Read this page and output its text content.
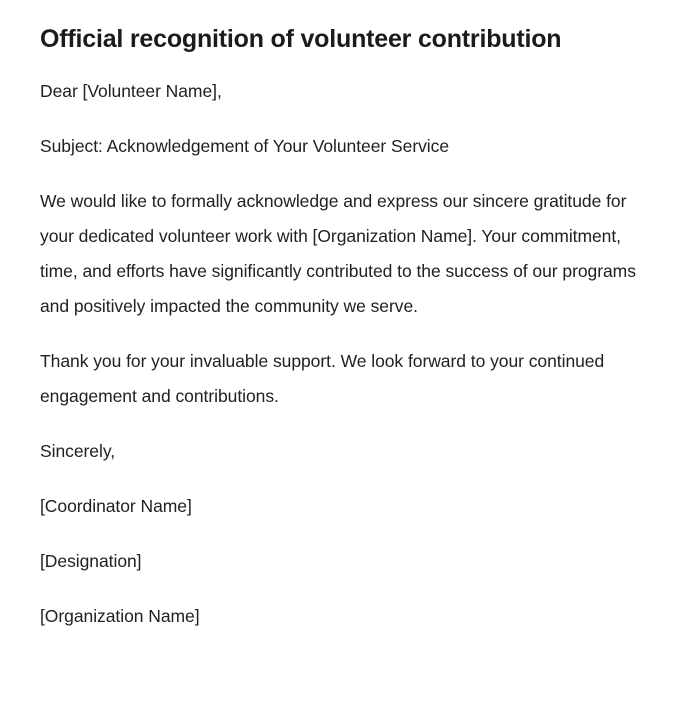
Official recognition of volunteer contribution

Dear [Volunteer Name],

Subject: Acknowledgement of Your Volunteer Service

We would like to formally acknowledge and express our sincere gratitude for your dedicated volunteer work with [Organization Name]. Your commitment, time, and efforts have significantly contributed to the success of our programs and positively impacted the community we serve.

Thank you for your invaluable support. We look forward to your continued engagement and contributions.

Sincerely,

[Coordinator Name]

[Designation]

[Organization Name]
